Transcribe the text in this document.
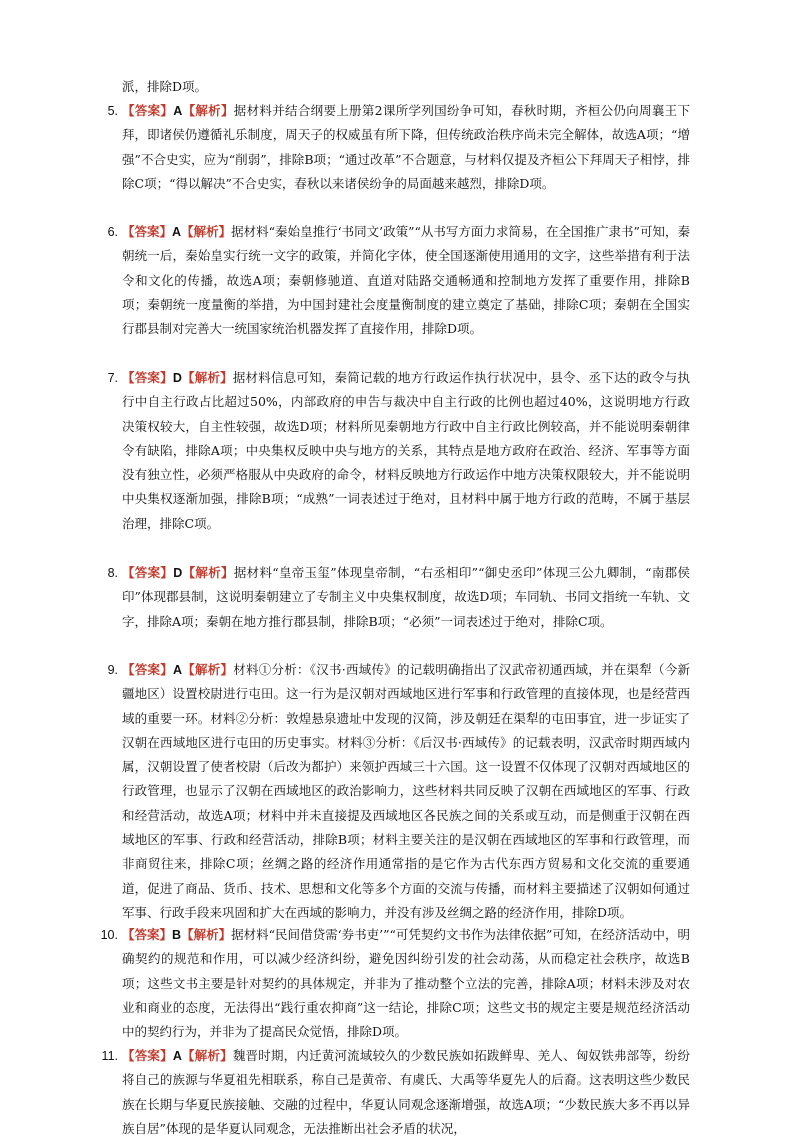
派，排除D项。
5. 【答案】A【解析】据材料并结合纲要上册第2课所学列国纷争可知，春秋时期，齐桓公仍向周襄王下拜，即诸侯仍遵循礼乐制度，周天子的权威虽有所下降，但传统政治秩序尚未完全解体，故选A项；“增强”不合史实，应为“削弱”，排除B项；“通过改革”不合题意，与材料仅提及齐桓公下拜周天子相悖，排除C项；“得以解决”不合史实，春秋以来诸侯纷争的局面越来越烈，排除D项。
6. 【答案】A【解析】据材料“秦始皇推行‘书同文’政策”“从书写方面力求简易，在全国推广隶书”可知，秦朝统一后，秦始皇实行统一文字的政策，并简化字体，使全国逐渐使用通用的文字，这些举措有利于法令和文化的传播，故选A项；秦朝修驰道、直道对陆路交通畅通和控制地方发挥了重要作用，排除B项；秦朝统一度量衡的举措，为中国封建社会度量衡制度的建立奠定了基础，排除C项；秦朝在全国实行郡县制对完善大一统国家统治机器发挥了直接作用，排除D项。
7. 【答案】D【解析】据材料信息可知，秦简记载的地方行政运作执行状况中，县令、丞下达的政令与执行中自主行政占比超过50%，内部政府的申告与裁决中自主行政的比例也超过40%，这说明地方行政决策权较大，自主性较强，故选D项；材料所见秦朝地方行政中自主行政比例较高，并不能说明秦朝律令有缺陷，排除A项；中央集权反映中央与地方的关系，其特点是地方政府在政治、经济、军事等方面没有独立性，必须严格服从中央政府的命令，材料反映地方行政运作中地方决策权限较大，并不能说明中央集权逐渐加强，排除B项；“成熟”一词表述过于绝对，且材料中属于地方行政的范畴，不属于基层治理，排除C项。
8. 【答案】D【解析】据材料“皇帝玉玺”体现皇帝制，“右丞相印”“御史丞印”体现三公九卿制，“南郡侯印”体现郡县制，这说明秦朝建立了专制主义中央集权制度，故选D项；车同轨、书同文指统一车轨、文字，排除A项；秦朝在地方推行郡县制，排除B项；“必须”一词表述过于绝对，排除C项。
9. 【答案】A【解析】材料①分析：《汉书·西域传》的记载明确指出了汉武帝初通西域，并在渠犁（今新疆地区）设置校尉进行屯田。这一行为是汉朝对西域地区进行军事和行政管理的直接体现，也是经营西域的重要一环。材料②分析：敦煌悬泉遗址中发现的汉简，涉及朝廷在渠犁的屯田事宜，进一步证实了汉朝在西域地区进行屯田的历史事实。材料③分析：《后汉书·西域传》的记载表明，汉武帝时期西域内属，汉朝设置了使者校尉（后改为都护）来领护西域三十六国。这一设置不仅体现了汉朝对西域地区的行政管理，也显示了汉朝在西域地区的政治影响力，这些材料共同反映了汉朝在西域地区的军事、行政和经营活动，故选A项；材料中并未直接提及西域地区各民族之间的关系或互动，而是侧重于汉朝在西域地区的军事、行政和经营活动，排除B项；材料主要关注的是汉朝在西域地区的军事和行政管理，而非商贸往来，排除C项；丝绸之路的经济作用通常指的是它作为古代东西方贸易和文化交流的重要通道，促进了商品、货币、技术、思想和文化等多个方面的交流与传播，而材料主要描述了汉朝如何通过军事、行政手段来巩固和扩大在西域的影响力，并没有涉及丝绸之路的经济作用，排除D项。
10. 【答案】B【解析】据材料“民间借贷需‘券书吏’”“可凭契约文书作为法律依据”可知，在经济活动中，明确契约的规范和作用，可以减少经济纠纷，避免因纠纷引发的社会动荡，从而稳定社会秩序，故选B项；这些文书主要是针对契约的具体规定，并非为了推动整个立法的完善，排除A项；材料未涉及对农业和商业的态度，无法得出“践行重农抑商”这一结论，排除C项；这些文书的规定主要是规范经济活动中的契约行为，并非为了提高民众觉悟，排除D项。
11. 【答案】A【解析】魏晋时期，内迁黄河流域较久的少数民族如拓跋鲜卑、羌人、匈奴铁弗部等，纷纷将自己的族源与华夏祖先相联系，称自己是黄帝、有虞氏、大禹等华夏先人的后裔。这表明这些少数民族在长期与华夏民族接触、交融的过程中，华夏认同观念逐渐增强，故选A项；“少数民族大多不再以异族自居”体现的是华夏认同观念，无法推断出社会矛盾的状况，
